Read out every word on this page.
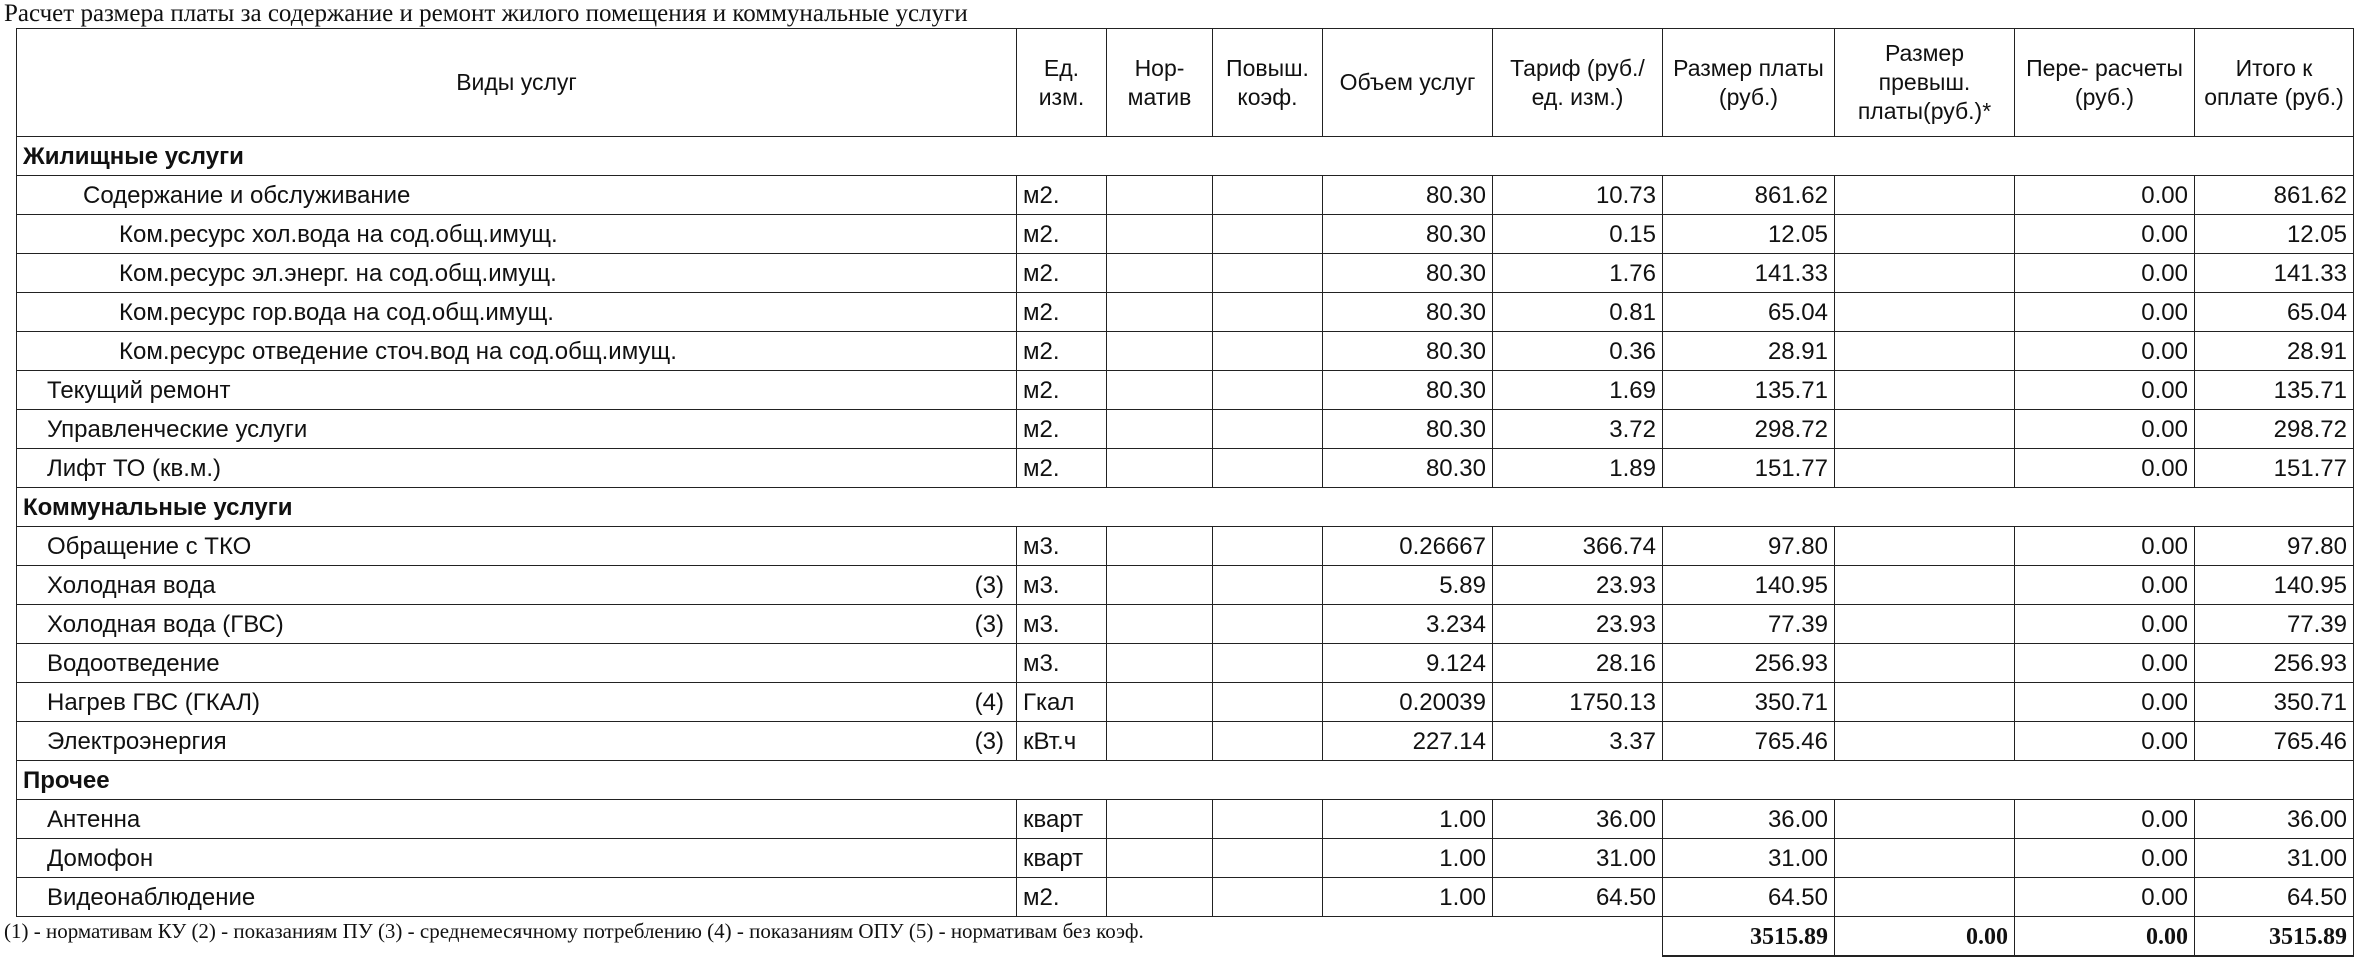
Расчет размера платы за содержание и ремонт жилого помещения и коммунальные услуги
Виды услуг	Ед. изм.	Нор- матив	Повыш. коэф.	Объем услуг	Тариф (руб./ед. изм.)	Размер платы (руб.)	Размер превыш. платы(руб.)*	Пере- расчеты (руб.)	Итого к оплате (руб.)
Жилищные услуги									
Содержание и обслуживание	м2.			80.30	10.73	861.62		0.00	861.62
Ком.ресурс хол.вода на сод.общ.имущ.	м2.			80.30	0.15	12.05		0.00	12.05
Ком.ресурс эл.энерг. на сод.общ.имущ.	м2.			80.30	1.76	141.33		0.00	141.33
Ком.ресурс гор.вода на сод.общ.имущ.	м2.			80.30	0.81	65.04		0.00	65.04
Ком.ресурс отведение сточ.вод на сод.общ.имущ.	м2.			80.30	0.36	28.91		0.00	28.91
Текущий ремонт	м2.			80.30	1.69	135.71		0.00	135.71
Управленческие услуги	м2.			80.30	3.72	298.72		0.00	298.72
Лифт ТО (кв.м.)	м2.			80.30	1.89	151.77		0.00	151.77
Коммунальные услуги									
Обращение с ТКО	м3.			0.26667	366.74	97.80		0.00	97.80
Холодная вода (3)	м3.			5.89	23.93	140.95		0.00	140.95
Холодная вода (ГВС) (3)	м3.			3.234	23.93	77.39		0.00	77.39
Водоотведение	м3.			9.124	28.16	256.93		0.00	256.93
Нагрев ГВС (ГКАЛ) (4)	Гкал			0.20039	1750.13	350.71		0.00	350.71
Электроэнергия (3)	кВт.ч			227.14	3.37	765.46		0.00	765.46
Прочее									
Антенна	кварт			1.00	36.00	36.00		0.00	36.00
Домофон	кварт			1.00	31.00	31.00		0.00	31.00
Видеонаблюдение	м2.			1.00	64.50	64.50		0.00	64.50
						3515.89	0.00	0.00	3515.89
(1) - нормативам КУ (2) - показаниям ПУ (3) - среднемесячному потреблению (4) - показаниям ОПУ (5) - нормативам без коэф.
